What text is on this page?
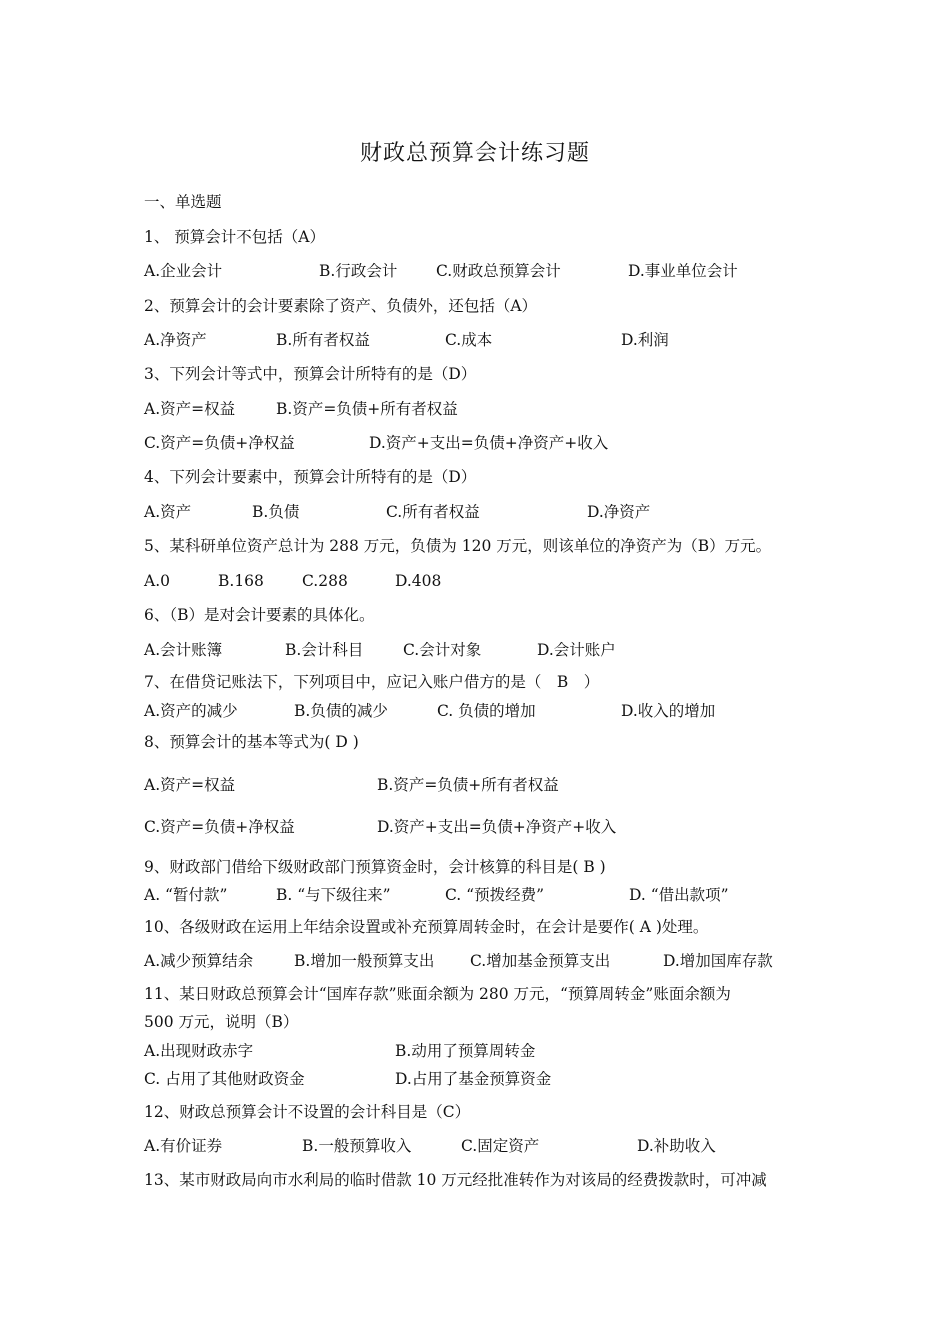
财政总预算会计练习题
一、单选题
1、 预算会计不包括（A）
A.企业会计	B.行政会计 C.财政总预算会计	D.事业单位会计
2、预算会计的会计要素除了资产、负债外，还包括（A）
A.净资产	B.所有者权益	C.成本	D.利润
3、下列会计等式中，预算会计所特有的是（D）
A.资产=权益	B.资产=负债+所有者权益
C.资产=负债+净权益	D.资产+支出=负债+净资产+收入
4、下列会计要素中，预算会计所特有的是（D）
A.资产	B.负债	C.所有者权益	D.净资产
5、某科研单位资产总计为 288 万元，负债为 120 万元，则该单位的净资产为（B）万元。
A.0	B.168 C.288	D.408
6、（B）是对会计要素的具体化。
A.会计账簿	B.会计科目	C.会计对象	D.会计账户
7、在借贷记账法下，下列项目中，应记入账户借方的是（　B　）
A.资产的减少	B.负债的减少	C. 负债的增加	D.收入的增加
8、预算会计的基本等式为( D )
A.资产=权益	B.资产=负债+所有者权益
C.资产=负债+净权益	D.资产+支出=负债+净资产+收入
9、财政部门借给下级财政部门预算资金时，会计核算的科目是( B )
A. “暂付款”	B. “与下级往来”	C. “预拨经费”	D. “借出款项”
10、各级财政在运用上年结余设置或补充预算周转金时，在会计是要作( A )处理。
A.减少预算结余	B.增加一般预算支出 C.增加基金预算支出	D.增加国库存款
11、某日财政总预算会计“国库存款”账面余额为 280 万元，“预算周转金”账面余额为
500 万元，说明（B）
A.出现财政赤字	B.动用了预算周转金
C. 占用了其他财政资金	D.占用了基金预算资金
12、财政总预算会计不设置的会计科目是（C）
A.有价证券	B.一般预算收入	C.固定资产	D.补助收入
13、某市财政局向市水利局的临时借款 10 万元经批准转作为对该局的经费拨款时，可冲减
